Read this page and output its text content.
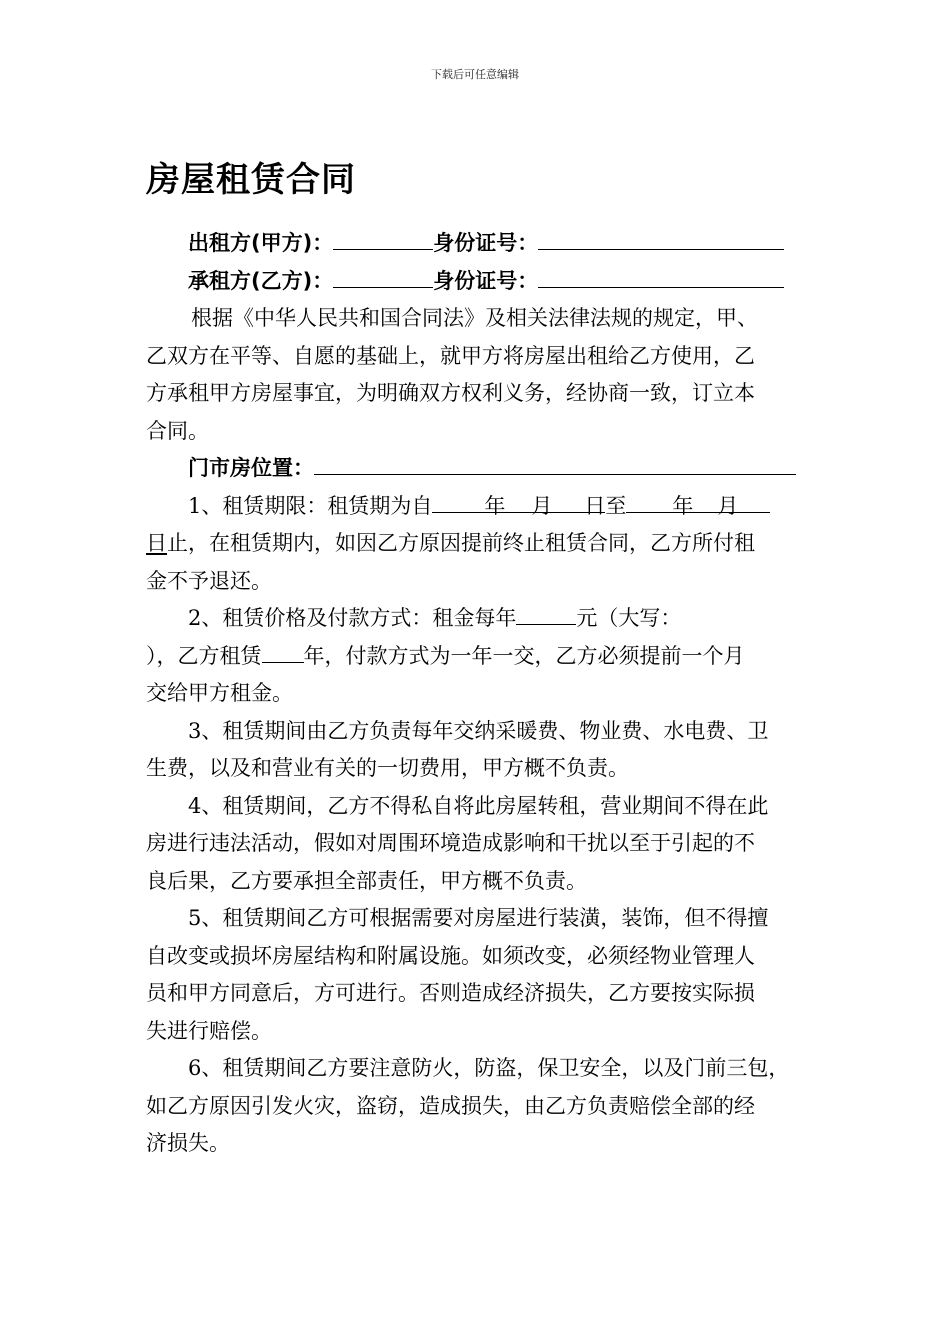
下载后可任意编辑
房屋租赁合同
出租方(甲方)：	身份证号：
承租方(乙方)：	身份证号：
根据《中华人民共和国合同法》及相关法律法规的规定，甲、
乙双方在平等、自愿的基础上，就甲方将房屋出租给乙方使用，乙
方承租甲方房屋事宜，为明确双方权利义务，经协商一致，订立本
合同。
门市房位置：
1、租赁期限：租赁期为自 年 月 日至 年 月
日止，在租赁期内，如因乙方原因提前终止租赁合同，乙方所付租
金不予退还。
2、租赁价格及付款方式：租金每年	元（大写：
），乙方租赁 年，付款方式为一年一交，乙方必须提前一个月
交给甲方租金。
3、租赁期间由乙方负责每年交纳采暖费、物业费、水电费、卫
生费，以及和营业有关的一切费用，甲方概不负责。
4、租赁期间，乙方不得私自将此房屋转租，营业期间不得在此
房进行违法活动，假如对周围环境造成影响和干扰以至于引起的不
良后果，乙方要承担全部责任，甲方概不负责。
5、租赁期间乙方可根据需要对房屋进行装潢，装饰，但不得擅
自改变或损坏房屋结构和附属设施。如须改变，必须经物业管理人
员和甲方同意后，方可进行。否则造成经济损失，乙方要按实际损
失进行赔偿。
6、租赁期间乙方要注意防火，防盗，保卫安全，以及门前三包，
如乙方原因引发火灾，盗窃，造成损失，由乙方负责赔偿全部的经
济损失。
